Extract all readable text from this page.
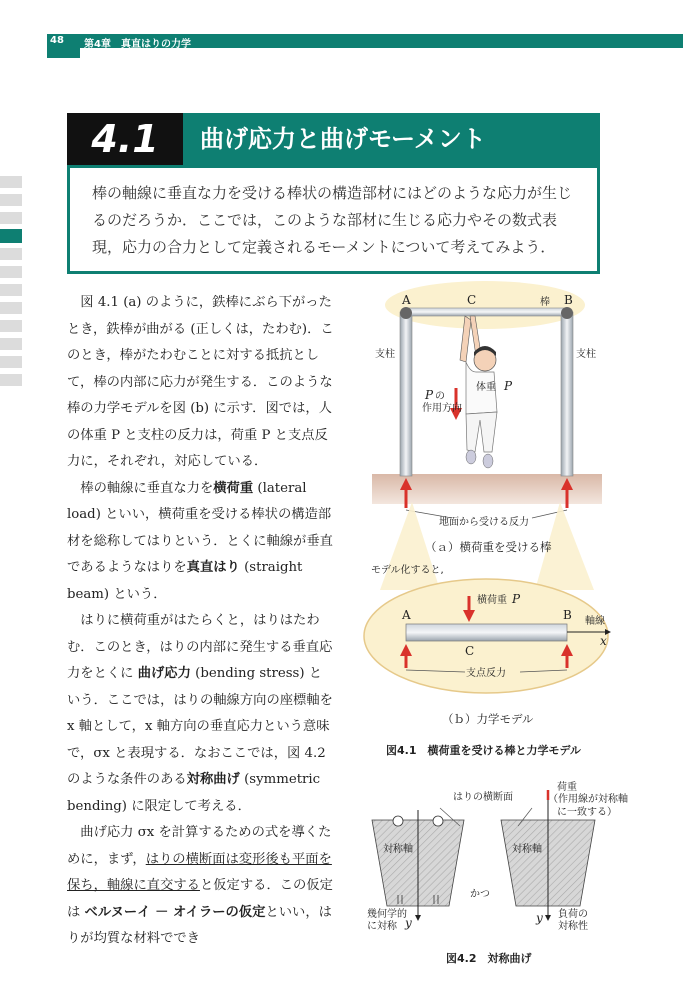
48 第4章　真直はりの力学
4.1	曲げ応力と曲げモーメント
棒の軸線に垂直な力を受ける棒状の構造部材にはどのような応力が生じるのだろうか．ここでは，このような部材に生じる応力やその数式表現，応力の合力として定義されるモーメントについて考えてみよう．

図 4.1 (a) のように，鉄棒にぶら下がったとき，鉄棒が曲がる (正しくは，たわむ)．このとき，棒がたわむことに対する抵抗として，棒の内部に応力が発生する．このような棒の力学モデルを図 (b) に示す．図では，人の体重 P と支柱の反力は，荷重 P と支点反力に，それぞれ，対応している．

棒の軸線に垂直な力を横荷重 (lateral load) といい，横荷重を受ける棒状の構造部材を総称してはりという．とくに軸線が垂直であるようなはりを真直はり (straight beam) という．

はりに横荷重がはたらくと，はりはたわむ．このとき，はりの内部に発生する垂直応力をとくに 曲げ応力 (bending stress) という．ここでは，はりの軸線方向の座標軸を x 軸として，x 軸方向の垂直応力という意味で，σx と表現する．なおここでは，図 4.2 のような条件のある対称曲げ (symmetric bending) に限定して考える．

曲げ応力 σx を計算するための式を導くために，まず，はりの横断面は変形後も平面を保ち，軸線に直交すると仮定する．この仮定は ベルヌーイ － オイラーの仮定といい，はりが均質な材料ででき

A	C	B
棒
支柱	支柱
体重 P
P の
作用方向
地面から受ける反力
モデル化すると,
横荷重 P
A	B
C
軸線
x
支点反力
はりの横断面
荷重
（作用線が対称軸
に一致する）
対称軸	対称軸
かつ
幾何学的
に対称
負荷の
対称性
y	y
（ａ）横荷重を受ける棒
（ｂ）力学モデル
図4.1　横荷重を受ける棒と力学モデル
図4.2　対称曲げ
